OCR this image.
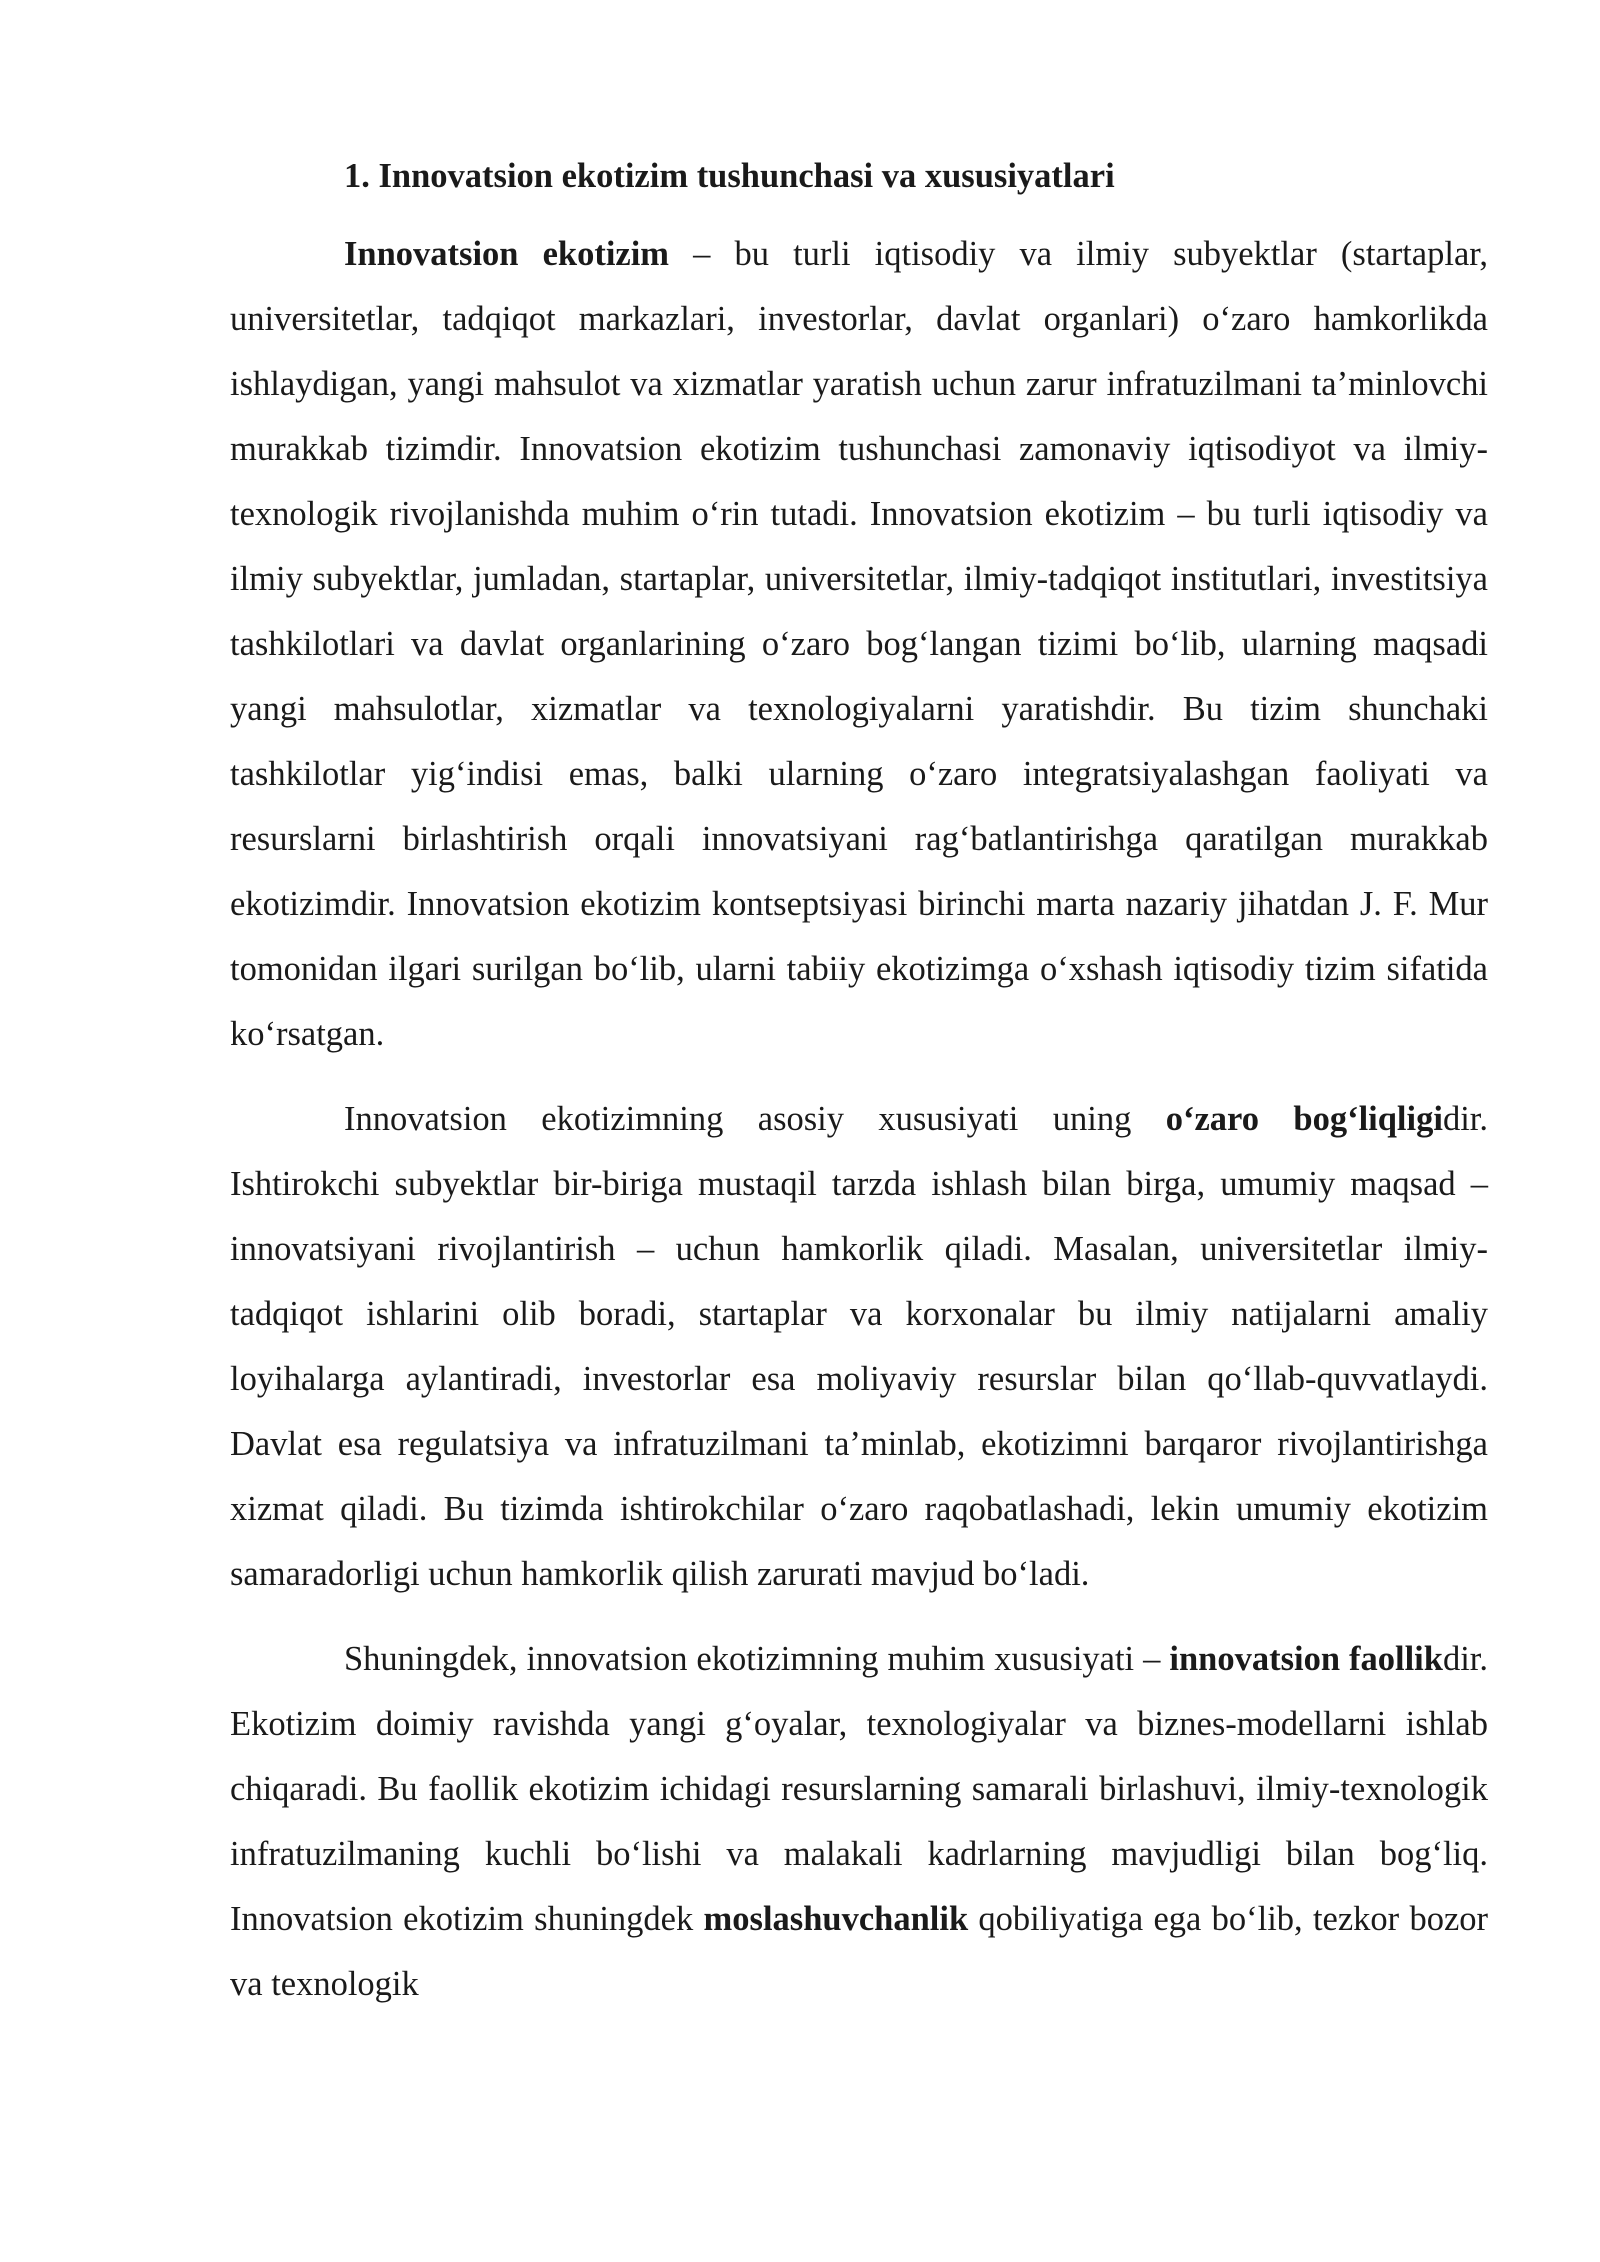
1. Innovatsion ekotizim tushunchasi va xususiyatlari

Innovatsion ekotizim – bu turli iqtisodiy va ilmiy subyektlar (startaplar, universitetlar, tadqiqot markazlari, investorlar, davlat organlari) o‘zaro hamkorlikda ishlaydigan, yangi mahsulot va xizmatlar yaratish uchun zarur infratuzilmani ta’minlovchi murakkab tizimdir. Innovatsion ekotizim tushunchasi zamonaviy iqtisodiyot va ilmiy-texnologik rivojlanishda muhim o‘rin tutadi. Innovatsion ekotizim – bu turli iqtisodiy va ilmiy subyektlar, jumladan, startaplar, universitetlar, ilmiy-tadqiqot institutlari, investitsiya tashkilotlari va davlat organlarining o‘zaro bog‘langan tizimi bo‘lib, ularning maqsadi yangi mahsulotlar, xizmatlar va texnologiyalarni yaratishdir. Bu tizim shunchaki tashkilotlar yig‘indisi emas, balki ularning o‘zaro integratsiyalashgan faoliyati va resurslarni birlashtirish orqali innovatsiyani rag‘batlantirishga qaratilgan murakkab ekotizimdir. Innovatsion ekotizim kontseptsiyasi birinchi marta nazariy jihatdan J. F. Mur tomonidan ilgari surilgan bo‘lib, ularni tabiiy ekotizimga o‘xshash iqtisodiy tizim sifatida ko‘rsatgan.

Innovatsion ekotizimning asosiy xususiyati uning o‘zaro bog‘liqligidir. Ishtirokchi subyektlar bir-biriga mustaqil tarzda ishlash bilan birga, umumiy maqsad – innovatsiyani rivojlantirish – uchun hamkorlik qiladi. Masalan, universitetlar ilmiy-tadqiqot ishlarini olib boradi, startaplar va korxonalar bu ilmiy natijalarni amaliy loyihalarga aylantiradi, investorlar esa moliyaviy resurslar bilan qo‘llab-quvvatlaydi. Davlat esa regulatsiya va infratuzilmani ta’minlab, ekotizimni barqaror rivojlantirishga xizmat qiladi. Bu tizimda ishtirokchilar o‘zaro raqobatlashadi, lekin umumiy ekotizim samaradorligi uchun hamkorlik qilish zarurati mavjud bo‘ladi.

Shuningdek, innovatsion ekotizimning muhim xususiyati – innovatsion faollikdir. Ekotizim doimiy ravishda yangi g‘oyalar, texnologiyalar va biznes-modellarni ishlab chiqaradi. Bu faollik ekotizim ichidagi resurslarning samarali birlashuvi, ilmiy-texnologik infratuzilmaning kuchli bo‘lishi va malakali kadrlarning mavjudligi bilan bog‘liq. Innovatsion ekotizim shuningdek moslashuvchanlik qobiliyatiga ega bo‘lib, tezkor bozor va texnologik
